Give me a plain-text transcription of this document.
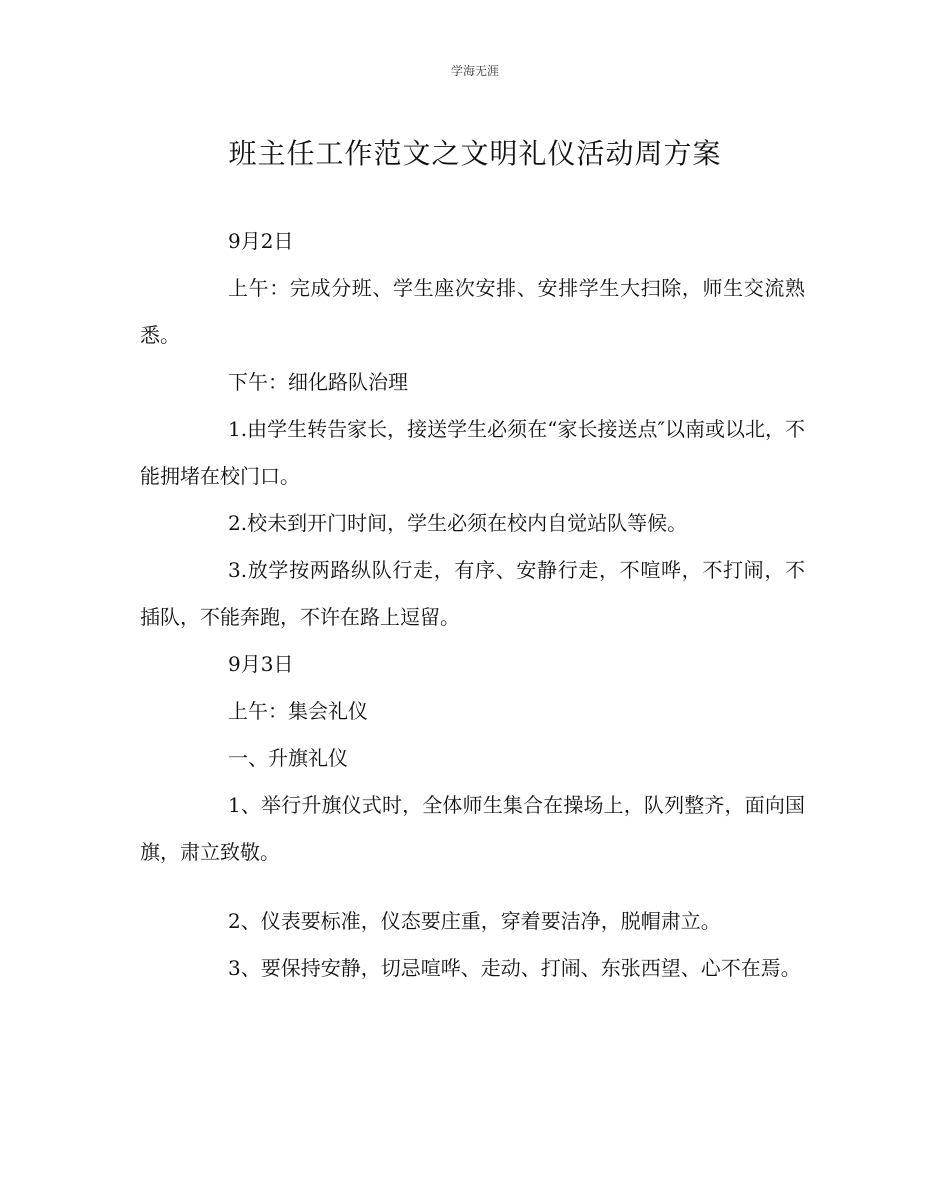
学海无涯
班主任工作范文之文明礼仪活动周方案

9月2日

上午：完成分班、学生座次安排、安排学生大扫除，师生交流熟悉。

下午：细化路队治理

1.由学生转告家长，接送学生必须在“家长接送点″以南或以北，不能拥堵在校门口。

2.校未到开门时间，学生必须在校内自觉站队等候。

3.放学按两路纵队行走，有序、安静行走，不喧哗，不打闹，不插队，不能奔跑，不许在路上逗留。

9月3日

上午：集会礼仪

一、升旗礼仪

1、举行升旗仪式时，全体师生集合在操场上，队列整齐，面向国旗，肃立致敬。

2、仪表要标准，仪态要庄重，穿着要洁净，脱帽肃立。

3、要保持安静，切忌喧哗、走动、打闹、东张西望、心不在焉。
